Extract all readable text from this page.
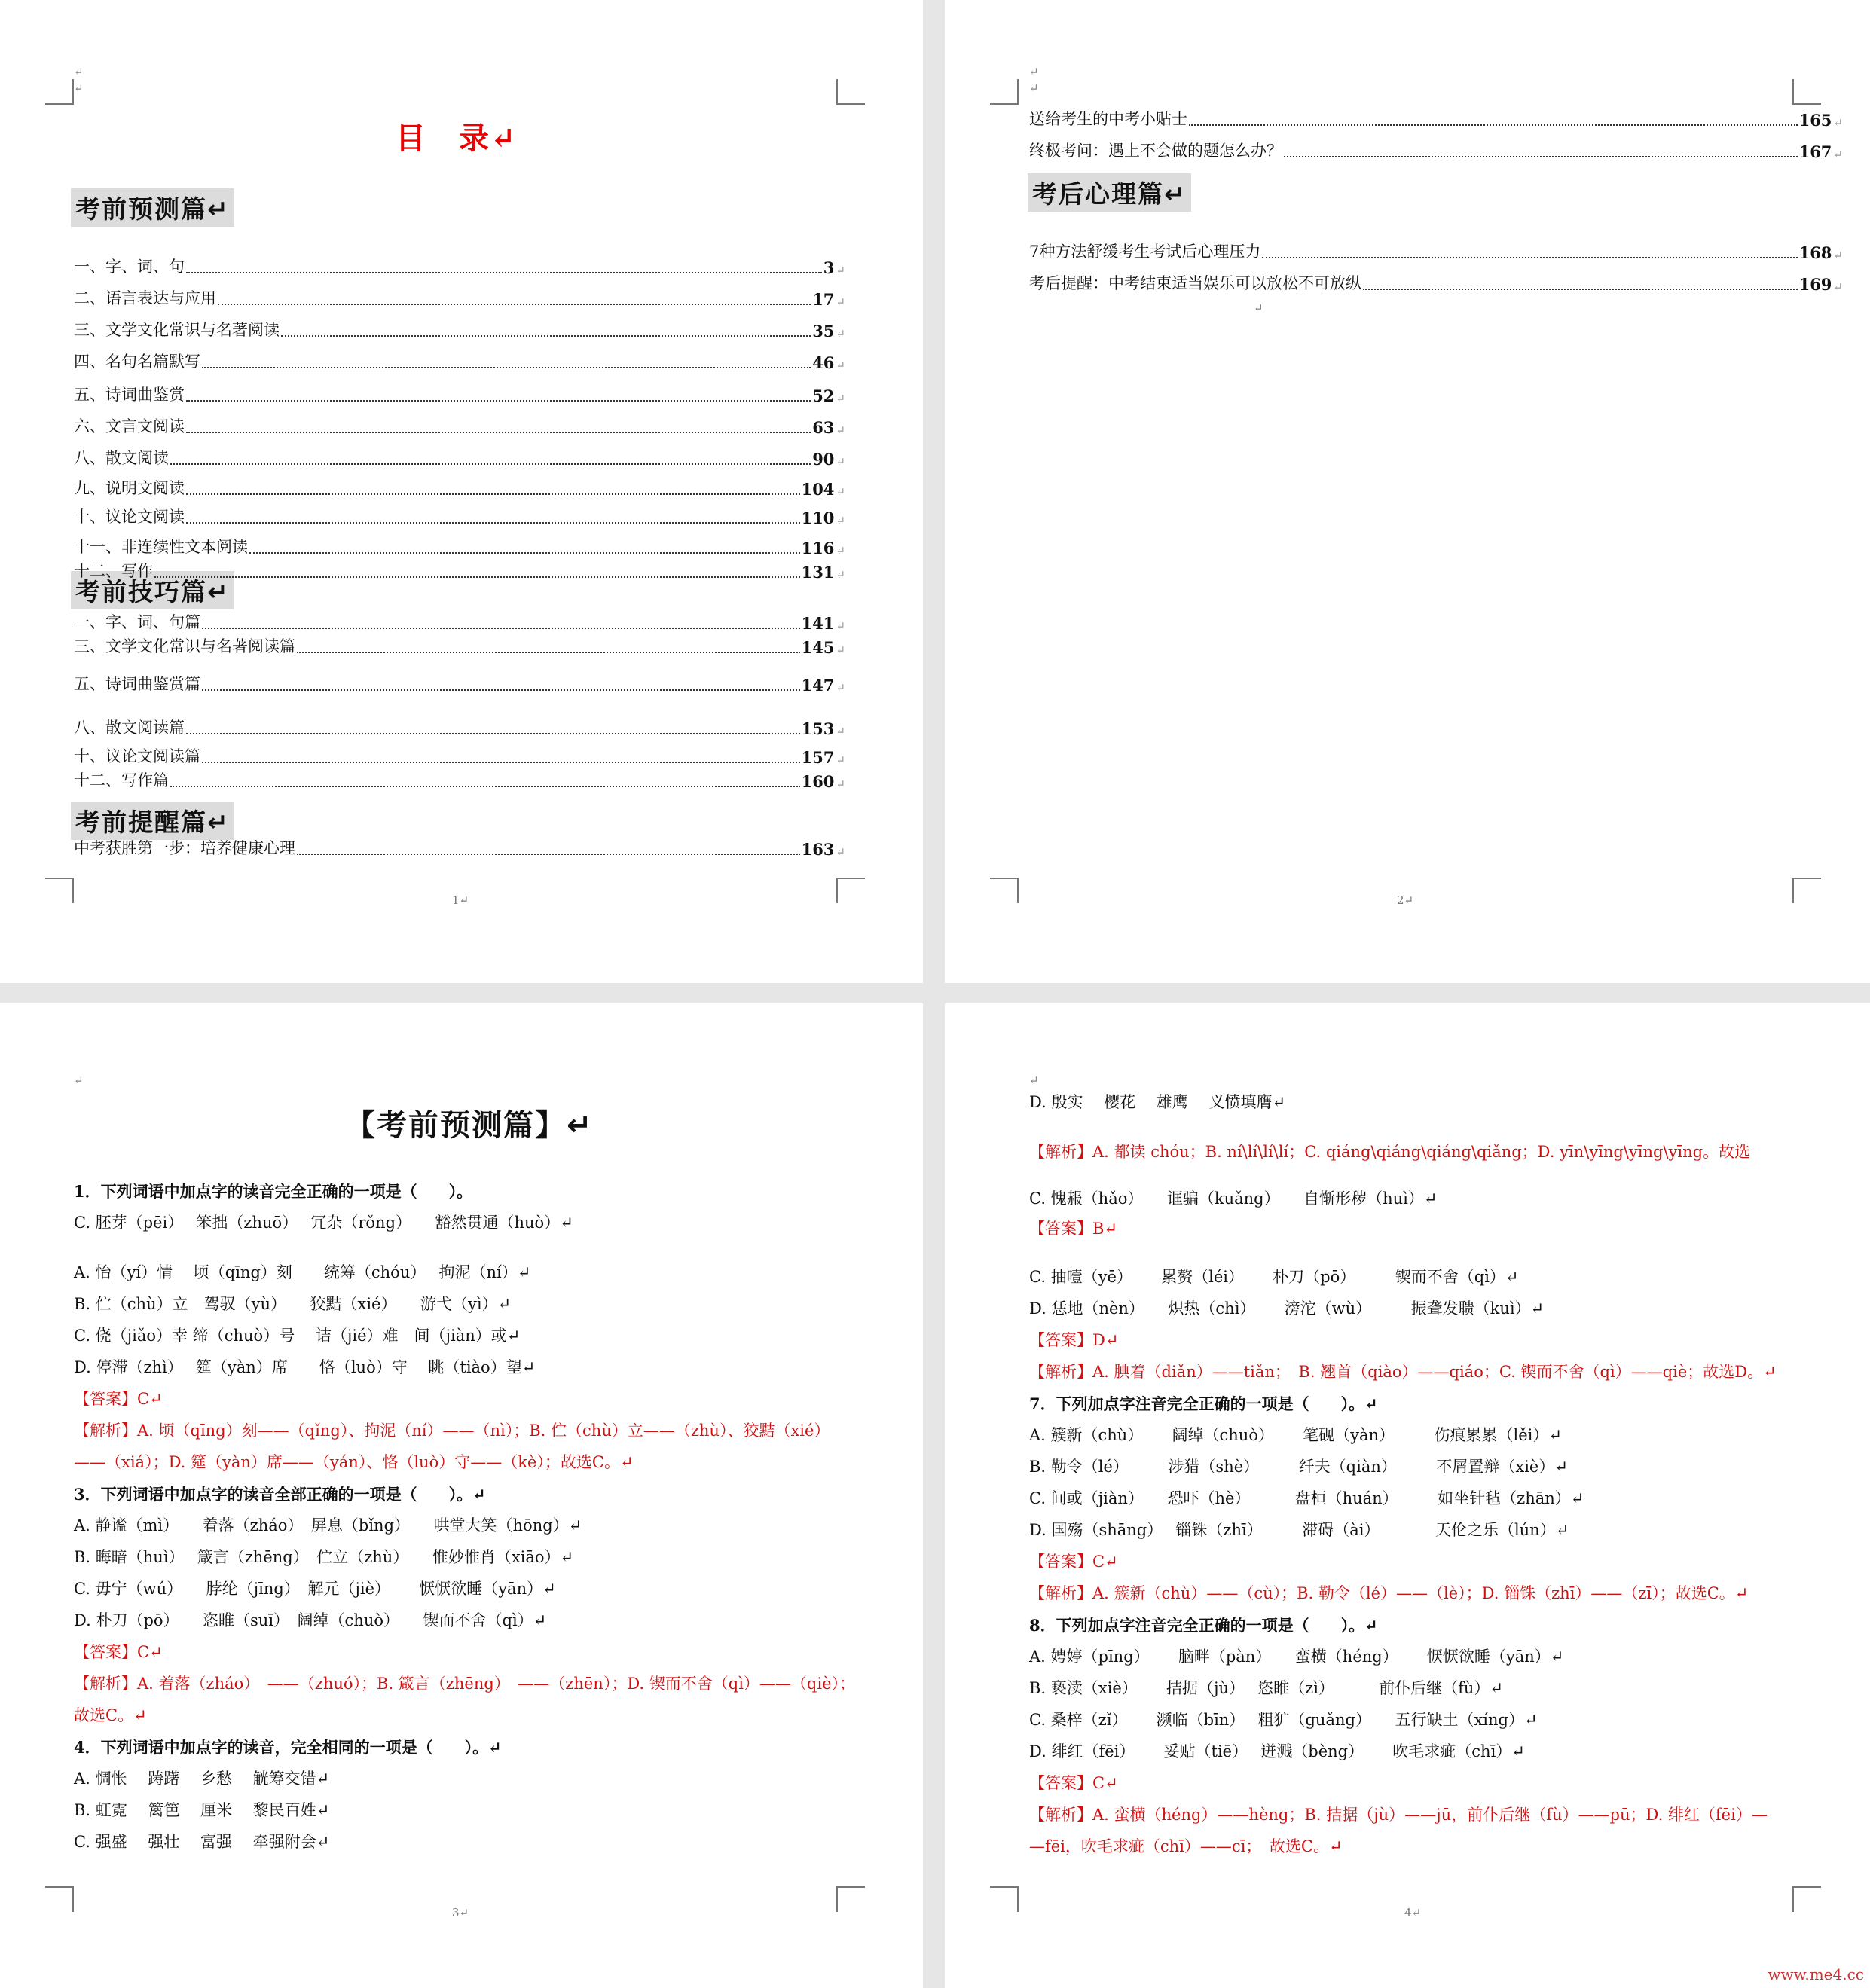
↵
↵
目　录↵
考前预测篇↵
考前技巧篇↵
考前提醒篇↵
1↵
一、字、词、句	3 ↵
二、语言表达与应用	17 ↵
三、文学文化常识与名著阅读	35 ↵
四、名句名篇默写	46 ↵
五、诗词曲鉴赏	52 ↵
六、文言文阅读	63 ↵
八、散文阅读	90 ↵
九、说明文阅读	104 ↵
十、议论文阅读	110 ↵
十一、非连续性文本阅读	116 ↵
十二、写作	131 ↵
一、字、词、句篇	141 ↵
三、文学文化常识与名著阅读篇	145 ↵
五、诗词曲鉴赏篇	147 ↵
八、散文阅读篇	153 ↵
十、议论文阅读篇	157 ↵
十二、写作篇	160 ↵
中考获胜第一步：培养健康心理	163 ↵
↵
↵
送给考生的中考小贴士	165 ↵
终极考问：遇上不会做的题怎么办？	167 ↵
考后心理篇↵
7种方法舒缓考生考试后心理压力	168 ↵
考后提醒：中考结束适当娱乐可以放松不可放纵	169 ↵
↵
2↵
↵
【考前预测篇】↵
3↵
1．下列词语中加点字的读音完全正确的一项是（　　）。
C. 胚芽（pēi）　 笨拙（zhuō）　 冗杂（rǒng）　　豁然贯通（huò）↵
A. 怡（yí）情　 顷（qīng）刻　　统筹（chóu）　 拘泥（ní）↵
B. 伫（chù）立　驾驭（yù）　　狡黠（xié）　　游弋（yì）↵
C. 侥（jiǎo）幸 缔（chuò）号　 诘（jié）难　间（jiàn）或↵
D. 停滞（zhì）　 筵（yàn）席　　恪（luò）守　 眺（tiào）望↵
【答案】C↵
【解析】A. 顷（qīng）刻——（qǐng）、拘泥（ní）——（nì）；B. 伫（chù）立——（zhù）、狡黠（xié）
——（xiá）；D. 筵（yàn）席——（yán）、恪（luò）守——（kè）；故选C。↵
3．下列词语中加点字的读音全部正确的一项是（　　）。↵
A. 静谧（mì）　　着落（zháo）　屏息（bǐng）　　哄堂大笑（hōng）↵
B. 晦暗（huì）　 箴言（zhēng）　伫立（zhù）　　惟妙惟肖（xiāo）↵
C. 毋宁（wú）　　脖纶（jīng）　解元（jiè）　　 恹恹欲睡（yān）↵
D. 朴刀（pō）　　恣睢（suī）　阔绰（chuò）　　锲而不舍（qì）↵
【答案】C↵
【解析】A. 着落（zháo）　——（zhuó）；B. 箴言（zhēng）　——（zhēn）；D. 锲而不舍（qì）——（qiè）；
故选C。↵
4．下列词语中加点字的读音，完全相同的一项是（　　）。↵
A. 惆怅　 踌躇　 乡愁　 觥筹交错↵
B. 虹霓　 篱笆　 厘米　 黎民百姓↵
C. 强盛　 强壮　 富强　 牵强附会↵
↵
4↵
D. 殷实　 樱花　 雄鹰　 义愤填膺↵
【解析】A. 都读 chóu；B. ní\lí\lí\lí；C. qiáng\qiáng\qiáng\qiǎng；D. yīn\yīng\yīng\yīng。故选
C. 愧赧（hǎo）　　诓骗（kuǎng）　　自惭形秽（huì）↵
【答案】B↵
C. 抽噎（yē）　　 累赘（léi）　　 朴刀（pō）　　　锲而不舍（qì）↵
D. 恁地（nèn）　　炽热（chì）　　 滂沱（wù）　　　振聋发聩（kuì）↵
【答案】D↵
【解析】A. 腆着（diǎn）——tiǎn；　B. 翘首（qiào）——qiáo；C. 锲而不舍（qì）——qiè；故选D。↵
7．下列加点字注音完全正确的一项是（　　）。↵
A. 簇新（chù）　　 阔绰（chuò）　　 笔砚（yàn）　　　伤痕累累（lěi）↵
B. 勒令（lé）　　　涉猎（shè）　　　纤夫（qiàn）　　　不屑置辩（xiè）↵
C. 间或（jiàn）　　恐吓（hè）　　　 盘桓（huán）　　　如坐针毡（zhān）↵
D. 国殇（shāng）　 锱铢（zhī）　　　滞碍（ài）　　　　天伦之乐（lún）↵
【答案】C↵
【解析】A. 簇新（chù）——（cù）；B. 勒令（lé）——（lè）；D. 锱铢（zhī）——（zī）；故选C。↵
8．下列加点字注音完全正确的一项是（　　）。↵
A. 娉婷（pīng）　　 脑畔（pàn）　　蛮横（héng）　　 恹恹欲睡（yān）↵
B. 亵渎（xiè）　　 拮据（jù）　 恣睢（zì）　　　 前仆后继（fù）↵
C. 桑梓（zǐ）　　 濒临（bīn）　 粗犷（guǎng）　　五行缺土（xíng）↵
D. 绯红（fēi）　　 妥贴（tiē）　 迸溅（bèng）　　 吹毛求疵（chī）↵
【答案】C↵
【解析】A. 蛮横（héng）——hèng；B. 拮据（jù）——jū，前仆后继（fù）——pū；D. 绯红（fēi）—
—fēi，吹毛求疵（chī）——cī；　故选C。↵
www.me4.cc
